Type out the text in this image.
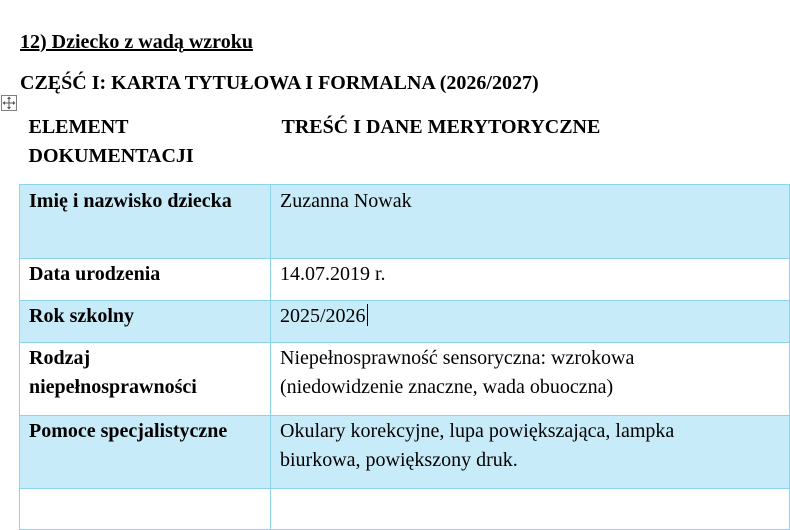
12) Dziecko z wadą wzroku
CZĘŚĆ I: KARTA TYTUŁOWA I FORMALNA (2026/2027)
ELEMENT DOKUMENTACJI	TREŚĆ I DANE MERYTORYCZNE
Imię i nazwisko dziecka	Zuzanna Nowak
Data urodzenia	14.07.2019 r.
Rok szkolny	2025/2026
Rodzaj niepełnosprawności	Niepełnosprawność sensoryczna: wzrokowa
(niedowidzenie znaczne, wada obuoczna)

Pomoce specjalistyczne	Okulary korekcyjne, lupa powiększająca, lampka
biurkowa, powiększony druk.
